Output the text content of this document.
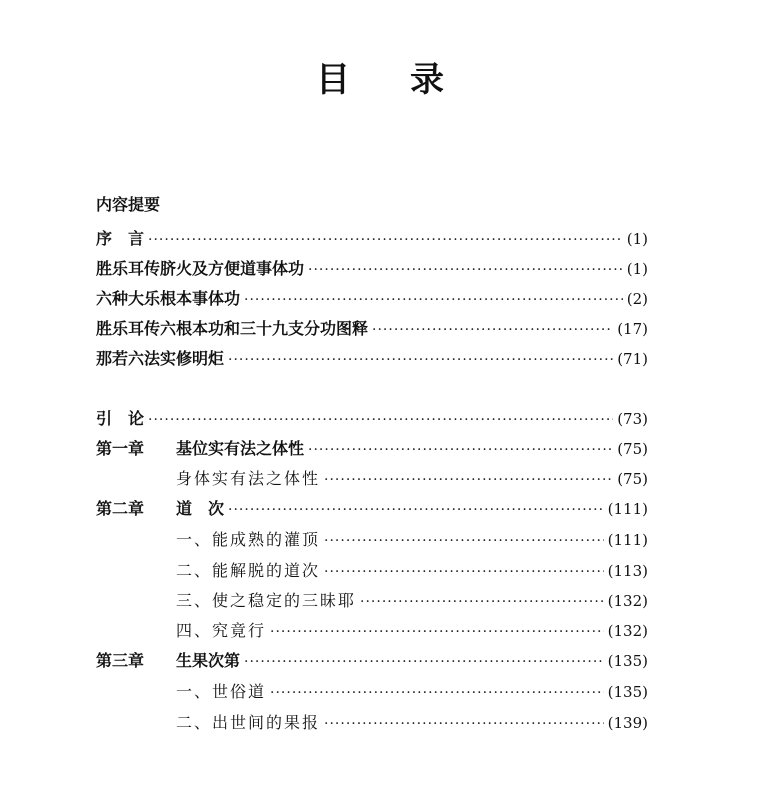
目 录
内容提要
序　言 ·····	(1)
胜乐耳传脐火及方便道事体功 ·····	(1)
六种大乐根本事体功 ·····	(2)
胜乐耳传六根本功和三十九支分功图释 ·····	(17)
那若六法实修明炬 ·····	(71)
引　论 ·····	(73)
第一章	基位实有法之体性 ·····	(75)
身体实有法之体性 ·····	(75)
第二章	道　次 ·····	(111)
一、能成熟的灌顶 ·····	(111)
二、能解脱的道次 ·····	(113)
三、使之稳定的三昧耶 ·····	(132)
四、究竟行 ·····	(132)
第三章	生果次第 ·····	(135)
一、世俗道 ·····	(135)
二、出世间的果报 ·····	(139)
